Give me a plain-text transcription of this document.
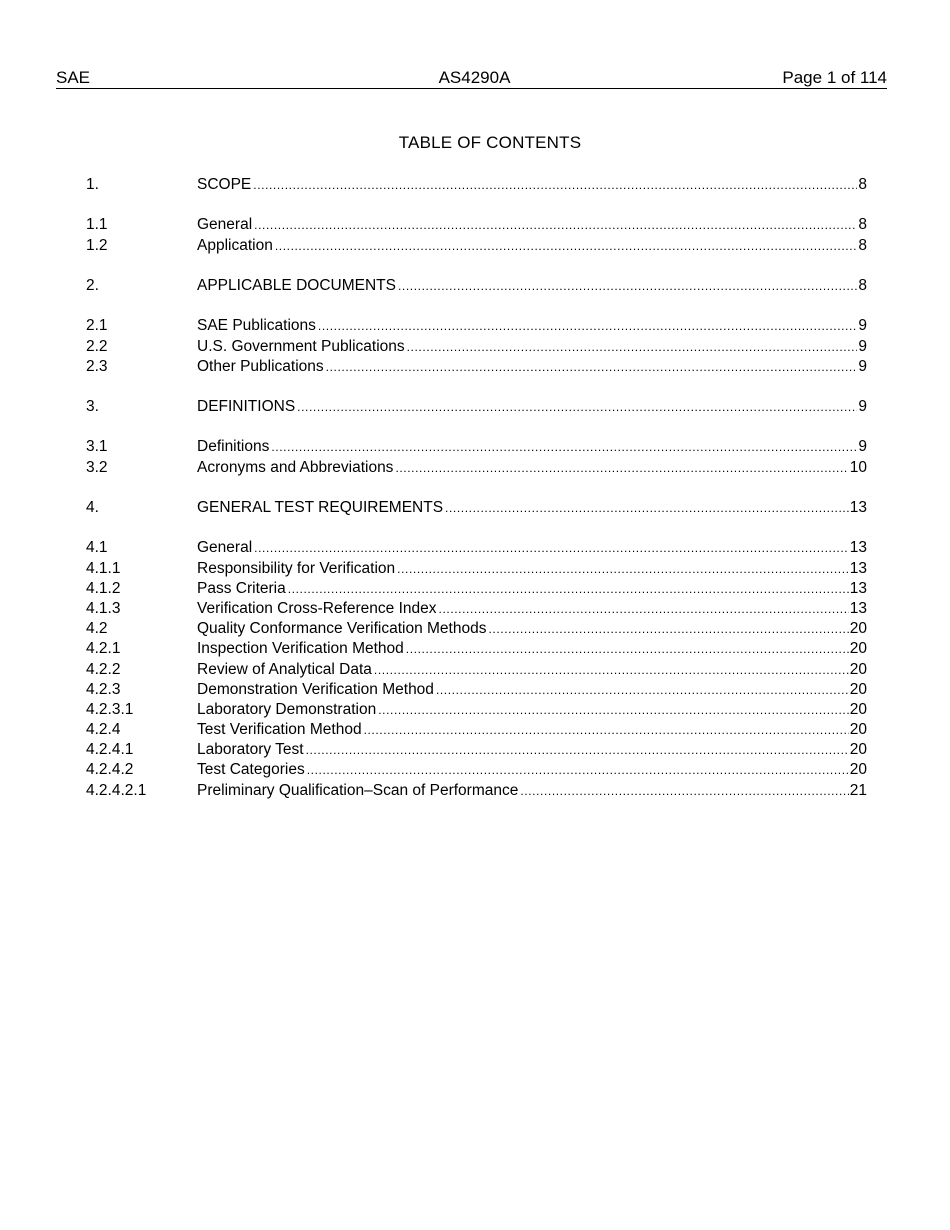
SAE	AS4290A	Page 1 of 114
TABLE OF CONTENTS
1.	SCOPE .....	8
1.1	General .....	8
1.2	Application .....	8
2.	APPLICABLE DOCUMENTS .....	8
2.1	SAE Publications .....	9
2.2	U.S. Government Publications .....	9
2.3	Other Publications .....	9
3.	DEFINITIONS .....	9
3.1	Definitions .....	9
3.2	Acronyms and Abbreviations .....	10
4.	GENERAL TEST REQUIREMENTS .....	13
4.1	General .....	13
4.1.1	Responsibility for Verification .....	13
4.1.2	Pass Criteria .....	13
4.1.3	Verification Cross-Reference Index .....	13
4.2	Quality Conformance Verification Methods .....	20
4.2.1	Inspection Verification Method .....	20
4.2.2	Review of Analytical Data .....	20
4.2.3	Demonstration Verification Method .....	20
4.2.3.1	Laboratory Demonstration .....	20
4.2.4	Test Verification Method .....	20
4.2.4.1	Laboratory Test .....	20
4.2.4.2	Test Categories .....	20
4.2.4.2.1	Preliminary Qualification–Scan of Performance .....	21
